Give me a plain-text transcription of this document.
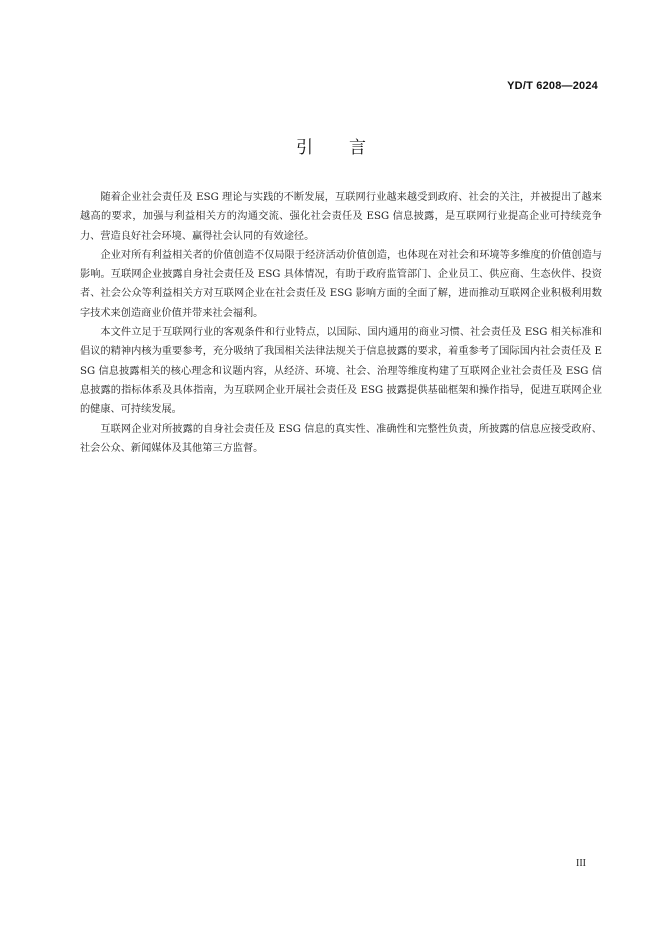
YD/T 6208—2024
引 言

随着企业社会责任及 ESG 理论与实践的不断发展，互联网行业越来越受到政府、社会的关注，并被提出了越来越高的要求，加强与利益相关方的沟通交流、强化社会责任及 ESG 信息披露，是互联网行业提高企业可持续竞争力、营造良好社会环境、赢得社会认同的有效途径。

企业对所有利益相关者的价值创造不仅局限于经济活动价值创造，也体现在对社会和环境等多维度的价值创造与影响。互联网企业披露自身社会责任及 ESG 具体情况，有助于政府监管部门、企业员工、供应商、生态伙伴、投资者、社会公众等利益相关方对互联网企业在社会责任及 ESG 影响方面的全面了解，进而推动互联网企业积极利用数字技术来创造商业价值并带来社会福利。

本文件立足于互联网行业的客观条件和行业特点，以国际、国内通用的商业习惯、社会责任及 ESG 相关标准和倡议的精神内核为重要参考，充分吸纳了我国相关法律法规关于信息披露的要求，着重参考了国际国内社会责任及 ESG 信息披露相关的核心理念和议题内容，从经济、环境、社会、治理等维度构建了互联网企业社会责任及 ESG 信息披露的指标体系及具体指南，为互联网企业开展社会责任及 ESG 披露提供基础框架和操作指导，促进互联网企业的健康、可持续发展。

互联网企业对所披露的自身社会责任及 ESG 信息的真实性、准确性和完整性负责，所披露的信息应接受政府、社会公众、新闻媒体及其他第三方监督。

III
